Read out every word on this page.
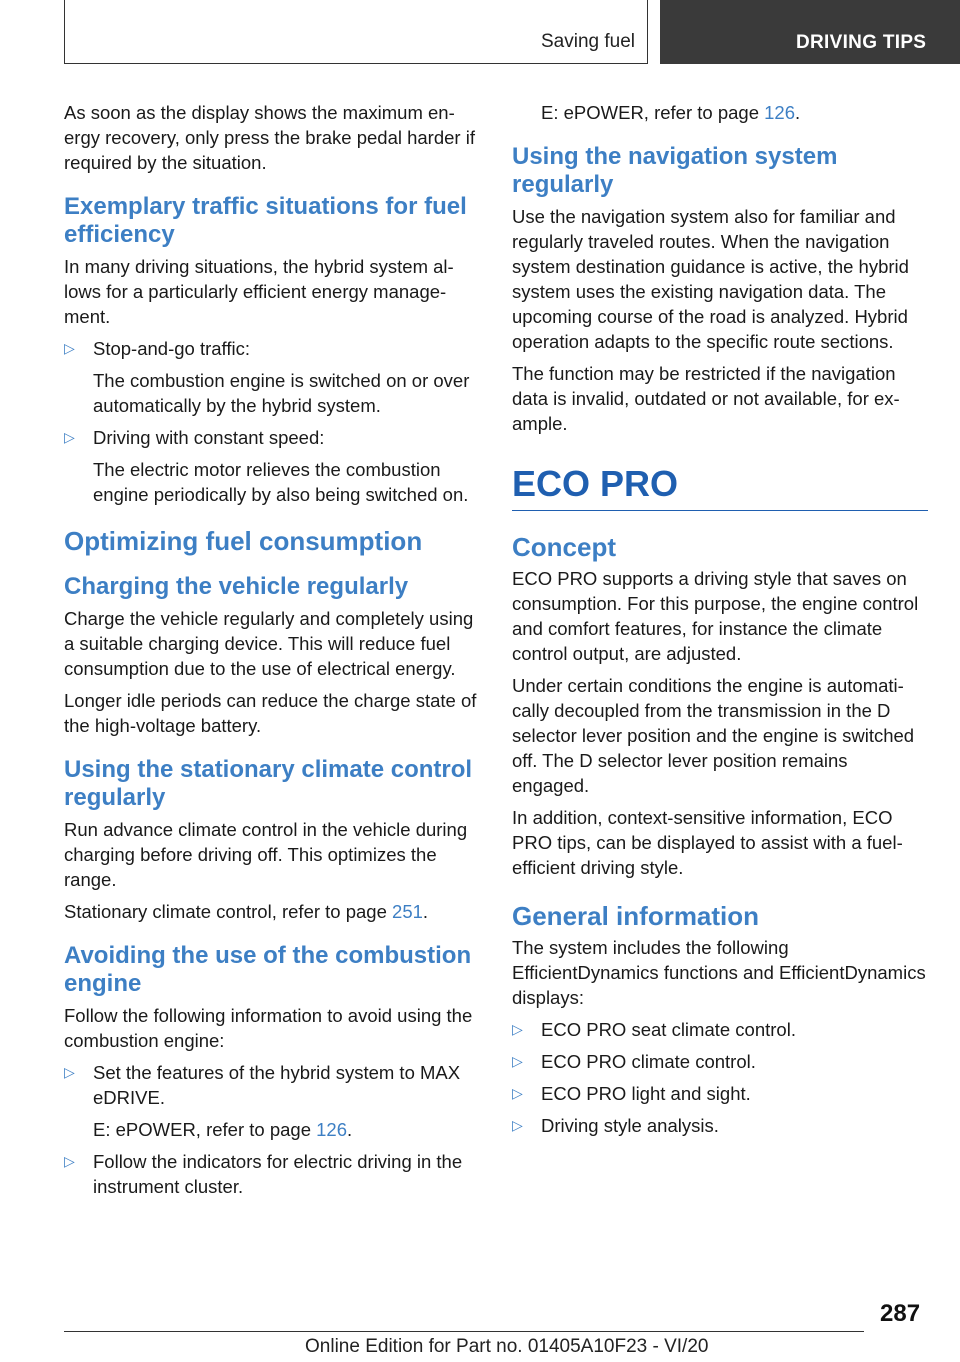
Saving fuel	DRIVING TIPS

As soon as the display shows the maximum energy recovery, only press the brake pedal harder if required by the situation.

Exemplary traffic situations for fuel efficiency

In many driving situations, the hybrid system allows for a particularly efficient energy management.

▷ Stop-and-go traffic:
The combustion engine is switched on or over automatically by the hybrid system.
▷ Driving with constant speed:
The electric motor relieves the combustion engine periodically by also being switched on.
Optimizing fuel consumption
Charging the vehicle regularly

Charge the vehicle regularly and completely using a suitable charging device. This will reduce fuel consumption due to the use of electrical energy.

Longer idle periods can reduce the charge state of the high-voltage battery.

Using the stationary climate control regularly

Run advance climate control in the vehicle during charging before driving off. This optimizes the range.

Stationary climate control, refer to page 251.

Avoiding the use of the combustion engine

Follow the following information to avoid using the combustion engine:

▷ Set the features of the hybrid system to MAX eDRIVE.
E: ePOWER, refer to page 126.
▷ Follow the indicators for electric driving in the instrument cluster.

E: ePOWER, refer to page 126.

Using the navigation system regularly

Use the navigation system also for familiar and regularly traveled routes. When the navigation system destination guidance is active, the hybrid system uses the existing navigation data. The upcoming course of the road is analyzed. Hybrid operation adapts to the specific route sections.

The function may be restricted if the navigation data is invalid, outdated or not available, for example.

ECO PRO
Concept

ECO PRO supports a driving style that saves on consumption. For this purpose, the engine control and comfort features, for instance the climate control output, are adjusted.

Under certain conditions the engine is automatically decoupled from the transmission in the D selector lever position and the engine is switched off. The D selector lever position remains engaged.

In addition, context-sensitive information, ECO PRO tips, can be displayed to assist with a fuel-efficient driving style.

General information

The system includes the following EfficientDynamics functions and EfficientDynamics displays:

▷ ECO PRO seat climate control.
▷ ECO PRO climate control.
▷ ECO PRO light and sight.
▷ Driving style analysis.
287
Online Edition for Part no. 01405A10F23 - VI/20
